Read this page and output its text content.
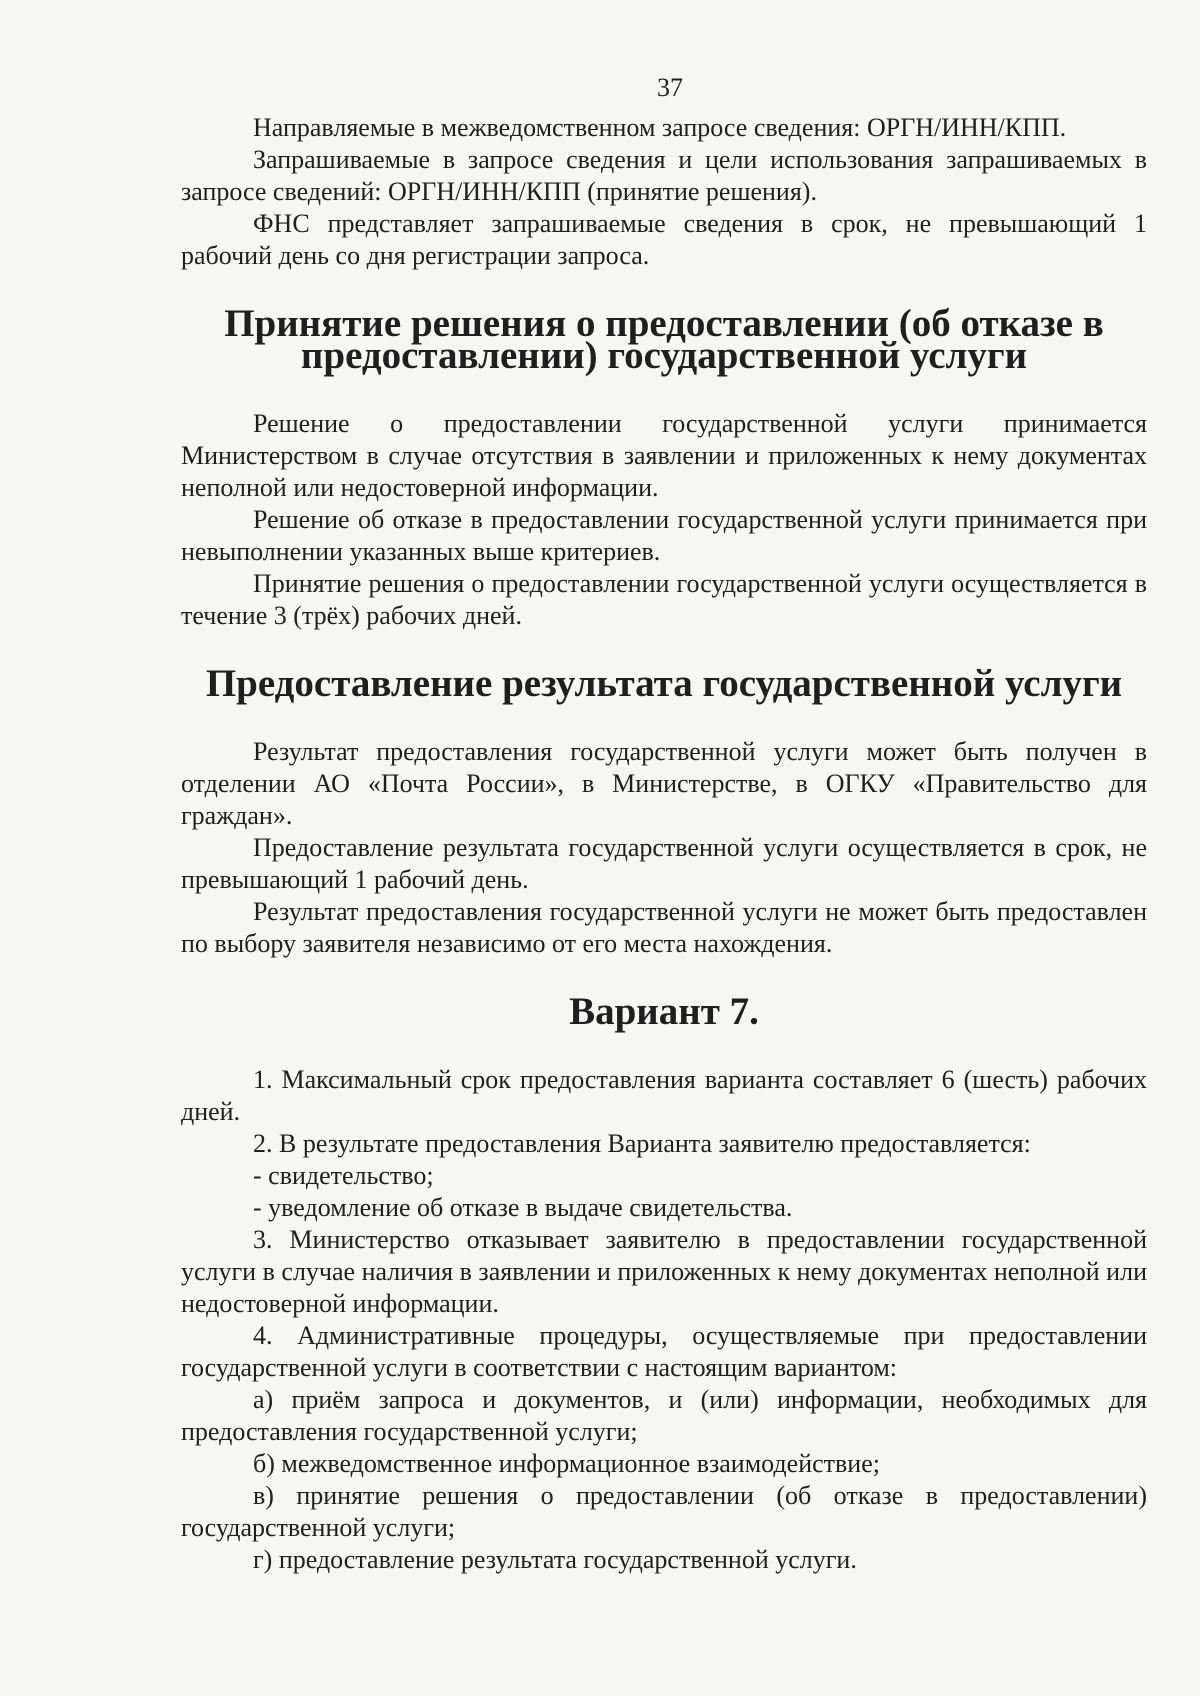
37

Направляемые в межведомственном запросе сведения: ОРГН/ИНН/КПП.

Запрашиваемые в запросе сведения и цели использования запрашиваемых в запросе сведений: ОРГН/ИНН/КПП (принятие решения).

ФНС представляет запрашиваемые сведения в срок, не превышающий 1 рабочий день со дня регистрации запроса.

Принятие решения о предоставлении (об отказе в предоставлении) государственной услуги

Решение о предоставлении государственной услуги принимается Министерством в случае отсутствия в заявлении и приложенных к нему документах неполной или недостоверной информации.

Решение об отказе в предоставлении государственной услуги принимается при невыполнении указанных выше критериев.

Принятие решения о предоставлении государственной услуги осуществляется в течение 3 (трёх) рабочих дней.

Предоставление результата государственной услуги

Результат предоставления государственной услуги может быть получен в отделении АО «Почта России», в Министерстве, в ОГКУ «Правительство для граждан».

Предоставление результата государственной услуги осуществляется в срок, не превышающий 1 рабочий день.

Результат предоставления государственной услуги не может быть предоставлен по выбору заявителя независимо от его места нахождения.

Вариант 7.

1. Максимальный срок предоставления варианта составляет 6 (шесть) рабочих дней.

2. В результате предоставления Варианта заявителю предоставляется:

- свидетельство;

- уведомление об отказе в выдаче свидетельства.

3. Министерство отказывает заявителю в предоставлении государственной услуги в случае наличия в заявлении и приложенных к нему документах неполной или недостоверной информации.

4. Административные процедуры, осуществляемые при предоставлении государственной услуги в соответствии с настоящим вариантом:

а) приём запроса и документов, и (или) информации, необходимых для предоставления государственной услуги;

б) межведомственное информационное взаимодействие;

в) принятие решения о предоставлении (об отказе в предоставлении) государственной услуги;

г) предоставление результата государственной услуги.
